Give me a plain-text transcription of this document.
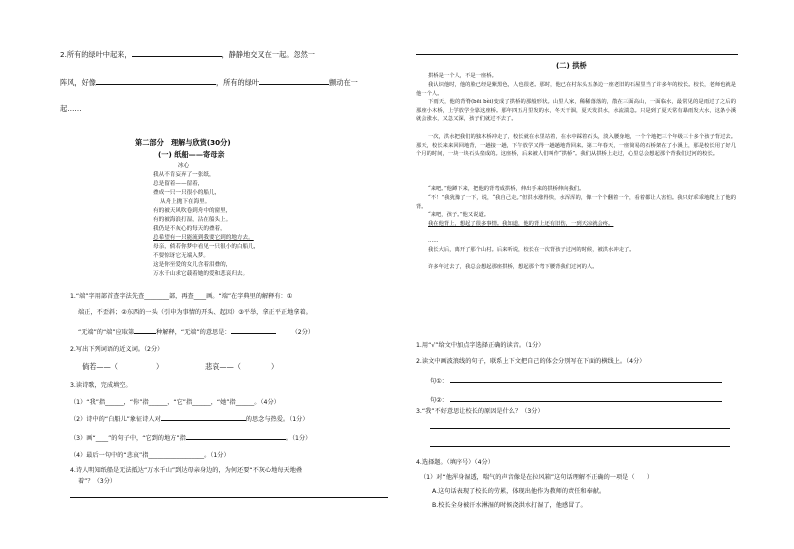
2.所有的绿叶中起来，	，静静地交叉在一起。忽然一
阵风，好像	，所有的绿叶	颤动在一
起……
第二部分　理解与欣赏(30分)
(一) 纸船——寄母亲
冰心
我从不肯妄弃了一张纸，
总是留着——留着，
叠成一只一只很小的船儿，
从舟上抛下在海里。
有的被天风吹卷到舟中的窗里，
有的被海浪打湿，沾在船头上。
我仍是不灰心的每天的叠着，
总希望有一只能流到我要它到的地方去。
母亲，倘若你梦中看见一只很小的白船儿，
不要惊讶它无端入梦。
这是你至爱的女儿含着泪叠的，
万水千山求它载着她的爱和悲哀归去。
1.“端”字用部首查字法先查________部，再查____画。“端”在字典里的解释有：①
端正，不歪斜；②东西的一头（引申为事情的开头、起因）③平举，拿正平正地拿着。
“无端”的“端”应取第	种解释，“无端”的意思是：	（2分）
2.写出下列词语的近义词。（2分）
倘若——（	）	悲哀——（	）
3.读诗歌，完成填空。
（1）“我”指______，“你”指______，“它”指______，“她”指______。（4分）
（2）诗中的“白船儿”象征诗人对	的思念与热爱。（1分）
（3）画“____”的句子中，“它到的地方”指	。（1分）
（4）最后一句中的“悲哀”指__________________。（1分）
4.诗人明知纸船是无法抵达“万水千山”到达母亲身边的，为何还要“不灰心地每天地叠
着”？（3分）
(二) 拱桥
拱桥是一个人，不是一座桥。
我认识他时，他的脸已经是紫黑色，人也很老。那时，他已在村东头五条边一座老旧的石屋里当了许多年的校长。校长，老师也就是他一个人。
下雨天，他的背脊(bēi bèi)变成了拱桥的那般形状。山里人家，稀稀落落的，散在三面高山，一面临水，最常见的是雨过了之后的那座小木桥，上学放学全靠这座桥。那年四五月里发的水，冬天干涸，夏天发洪水，水流湍急。只是到了夏天常有暴雨发大水，这条小溪就会涨水，又急又深，孩子们就过不去了。
一次，洪水把我们的独木桥冲走了，校长就在水里站着，在水中踩着石头，淡入腰身地，一个个地把三个年级三十多个孩子背过去。那天，校长来来回回地背，一趟接一趟，下午放学又得一趟趟地背回来。第二年春天，一座简易的石桥架在了小溪上，那是校长用了好几个月的时间，一块一块石头垒成的。这座桥，后来被人们叫作“拱桥”。我们从拱桥上走过，心里总会想起那个背我们过河的校长。
“来吧。”他蹲下来，把他的背弯成拱桥，伸出手来的拱桥伸向我们。
“不！”我犹豫了一下，说，“我自己走。”但洪水涨得快，水浑浑的，像一个个翻着一个，看着都让人害怕。我只好乖乖地爬上了他的背。
“来吧，孩子。”他又说道。
我在他背上，想起了很多事情。我知道，他的背上还有旧伤，一到天凉就会疼。
……
我长大后，离开了那个山村。后来听说，校长在一次背孩子过河的时候，被洪水冲走了。
许多年过去了，我总会想起那座拱桥，想起那个弯下腰背我们过河的人。
1.用“√”给文中加点字选择正确的读音。（1分）
2.读文中画波浪线的句子，联系上下文把自己的体会分别写在下面的横线上。（4分）
句①：
句②：
3.“我”不好意思让校长的原因是什么？（3分）
4.选择题。（填序号）（4分）
（1）对“他浑身湿透，喘气的声音像是在拉风箱”这句话理解不正确的一项是（　　）
A.这句话表现了校长的劳累，体现出他作为教师的责任和奉献。
B.校长全身被汗水淋湿的时候浇洪水打湿了，他感冒了。
